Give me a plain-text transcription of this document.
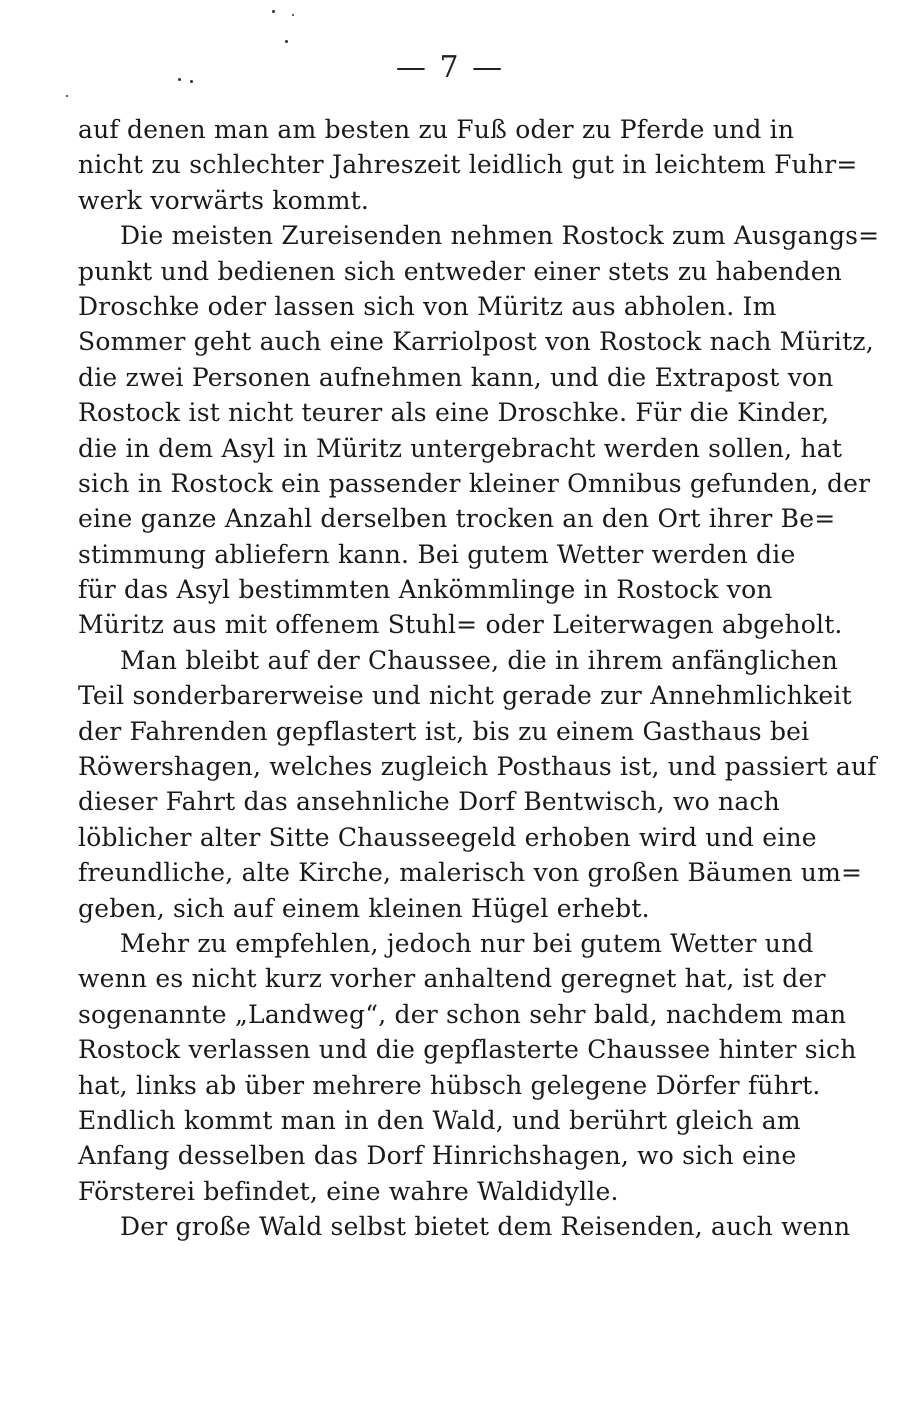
— 7 —
auf denen man am besten zu Fuß oder zu Pferde und in
nicht zu schlechter Jahreszeit leidlich gut in leichtem Fuhr=
werk vorwärts kommt.
Die meisten Zureisenden nehmen Rostock zum Ausgangs=
punkt und bedienen sich entweder einer stets zu habenden
Droschke oder lassen sich von Müritz aus abholen. Im
Sommer geht auch eine Karriolpost von Rostock nach Müritz,
die zwei Personen aufnehmen kann, und die Extrapost von
Rostock ist nicht teurer als eine Droschke. Für die Kinder,
die in dem Asyl in Müritz untergebracht werden sollen, hat
sich in Rostock ein passender kleiner Omnibus gefunden, der
eine ganze Anzahl derselben trocken an den Ort ihrer Be=
stimmung abliefern kann. Bei gutem Wetter werden die
für das Asyl bestimmten Ankömmlinge in Rostock von
Müritz aus mit offenem Stuhl= oder Leiterwagen abgeholt.
Man bleibt auf der Chaussee, die in ihrem anfänglichen
Teil sonderbarerweise und nicht gerade zur Annehmlichkeit
der Fahrenden gepflastert ist, bis zu einem Gasthaus bei
Röwershagen, welches zugleich Posthaus ist, und passiert auf
dieser Fahrt das ansehnliche Dorf Bentwisch, wo nach
löblicher alter Sitte Chausseegeld erhoben wird und eine
freundliche, alte Kirche, malerisch von großen Bäumen um=
geben, sich auf einem kleinen Hügel erhebt.
Mehr zu empfehlen, jedoch nur bei gutem Wetter und
wenn es nicht kurz vorher anhaltend geregnet hat, ist der
sogenannte „Landweg“, der schon sehr bald, nachdem man
Rostock verlassen und die gepflasterte Chaussee hinter sich
hat, links ab über mehrere hübsch gelegene Dörfer führt.
Endlich kommt man in den Wald, und berührt gleich am
Anfang desselben das Dorf Hinrichshagen, wo sich eine
Försterei befindet, eine wahre Waldidylle.
Der große Wald selbst bietet dem Reisenden, auch wenn
